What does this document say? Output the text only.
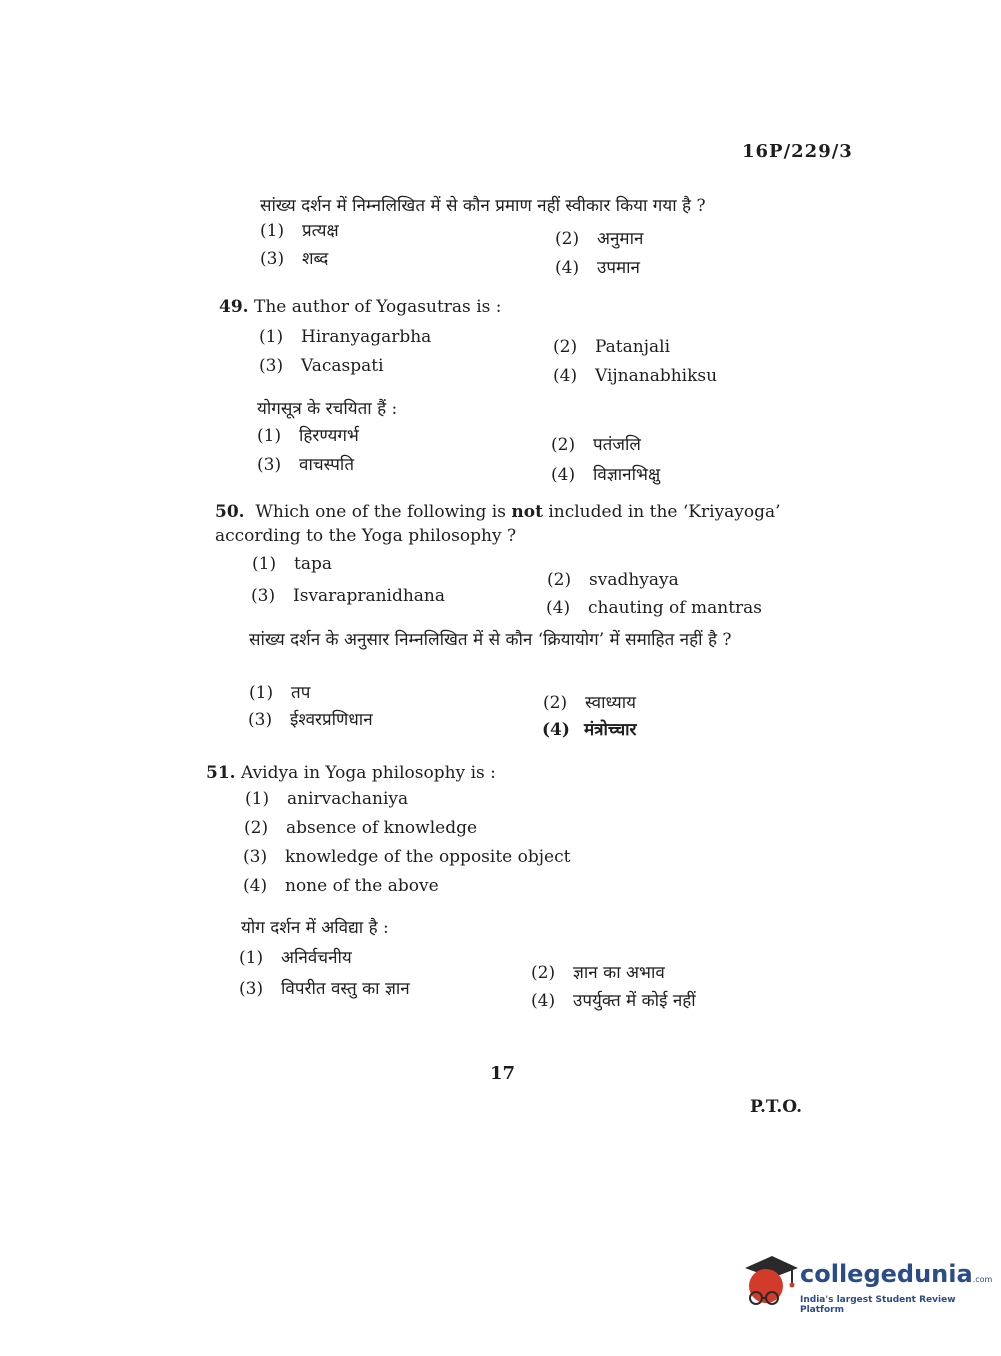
16P/229/3
सांख्य दर्शन में निम्नलिखित में से कौन प्रमाण नहीं स्वीकार किया गया है ?
(1) प्रत्यक्ष	(2) अनुमान
(3) शब्द	(4) उपमान
49. The author of Yogasutras is :
(1) Hiranyagarbha	(2) Patanjali
(3) Vacaspati	(4) Vijnanabhiksu
योगसूत्र के रचयिता हैं :
(1) हिरण्यगर्भ	(2) पतंजलि
(3) वाचस्पति	(4) विज्ञानभिक्षु
50. Which one of the following is not included in the ‘Kriyayoga’ according to the Yoga philosophy ?
(1) tapa
(2) svadhyaya
(3) Isvarapranidhana
(4) chauting of mantras
सांख्य दर्शन के अनुसार निम्नलिखित में से कौन ‘क्रियायोग’ में समाहित नहीं है ?
(1) तप	(2) स्वाध्याय
(3) ईश्वरप्रणिधान	(4) मंत्रोच्चार
51. Avidya in Yoga philosophy is :
(1) anirvachaniya
(2) absence of knowledge
(3) knowledge of the opposite object
(4) none of the above
योग दर्शन में अविद्या है :
(1) अनिर्वचनीय
(2) ज्ञान का अभाव
(3) विपरीत वस्तु का ज्ञान
(4) उपर्युक्त में कोई नहीं
17
P.T.O.
collegedunia.com
India's largest Student Review Platform
